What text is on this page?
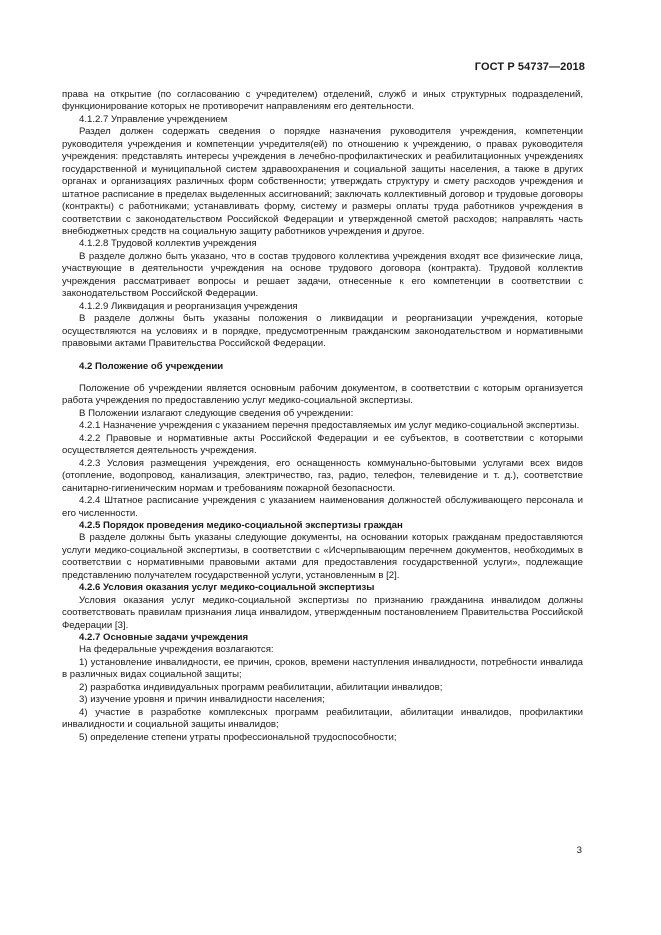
ГОСТ Р 54737—2018

права на открытие (по согласованию с учредителем) отделений, служб и иных структурных подразделений, функционирование которых не противоречит направлениям его деятельности.

4.1.2.7 Управление учреждением

Раздел должен содержать сведения о порядке назначения руководителя учреждения, компетенции руководителя учреждения и компетенции учредителя(ей) по отношению к учреждению, о правах руководителя учреждения: представлять интересы учреждения в лечебно-профилактических и реабилитационных учреждениях государственной и муниципальной систем здравоохранения и социальной защиты населения, а также в других органах и организациях различных форм собственности; утверждать структуру и смету расходов учреждения и штатное расписание в пределах выделенных ассигнований; заключать коллективный договор и трудовые договоры (контракты) с работниками; устанавливать форму, систему и размеры оплаты труда работников учреждения в соответствии с законодательством Российской Федерации и утвержденной сметой расходов; направлять часть внебюджетных средств на социальную защиту работников учреждения и другое.

4.1.2.8 Трудовой коллектив учреждения

В разделе должно быть указано, что в состав трудового коллектива учреждения входят все физические лица, участвующие в деятельности учреждения на основе трудового договора (контракта). Трудовой коллектив учреждения рассматривает вопросы и решает задачи, отнесенные к его компетенции в соответствии с законодательством Российской Федерации.

4.1.2.9 Ликвидация и реорганизация учреждения

В разделе должны быть указаны положения о ликвидации и реорганизации учреждения, которые осуществляются на условиях и в порядке, предусмотренным гражданским законодательством и нормативными правовыми актами Правительства Российской Федерации.

4.2 Положение об учреждении

Положение об учреждении является основным рабочим документом, в соответствии с которым организуется работа учреждения по предоставлению услуг медико-социальной экспертизы.

В Положении излагают следующие сведения об учреждении:

4.2.1 Назначение учреждения с указанием перечня предоставляемых им услуг медико-социальной экспертизы.

4.2.2 Правовые и нормативные акты Российской Федерации и ее субъектов, в соответствии с которыми осуществляется деятельность учреждения.

4.2.3 Условия размещения учреждения, его оснащенность коммунально-бытовыми услугами всех видов (отопление, водопровод, канализация, электричество, газ, радио, телефон, телевидение и т. д.), соответствие санитарно-гигиеническим нормам и требованиям пожарной безопасности.

4.2.4 Штатное расписание учреждения с указанием наименования должностей обслуживающего персонала и его численности.

4.2.5 Порядок проведения медико-социальной экспертизы граждан

В разделе должны быть указаны следующие документы, на основании которых гражданам предоставляются услуги медико-социальной экспертизы, в соответствии с «Исчерпывающим перечнем документов, необходимых в соответствии с нормативными правовыми актами для предоставления государственной услуги», подлежащие представлению получателем государственной услуги, установленным в [2].

4.2.6 Условия оказания услуг медико-социальной экспертизы

Условия оказания услуг медико-социальной экспертизы по признанию гражданина инвалидом должны соответствовать правилам признания лица инвалидом, утвержденным постановлением Правительства Российской Федерации [3].

4.2.7 Основные задачи учреждения

На федеральные учреждения возлагаются:

1) установление инвалидности, ее причин, сроков, времени наступления инвалидности, потребности инвалида в различных видах социальной защиты;

2) разработка индивидуальных программ реабилитации, абилитации инвалидов;

3) изучение уровня и причин инвалидности населения;

4) участие в разработке комплексных программ реабилитации, абилитации инвалидов, профилактики инвалидности и социальной защиты инвалидов;

5) определение степени утраты профессиональной трудоспособности;

3
